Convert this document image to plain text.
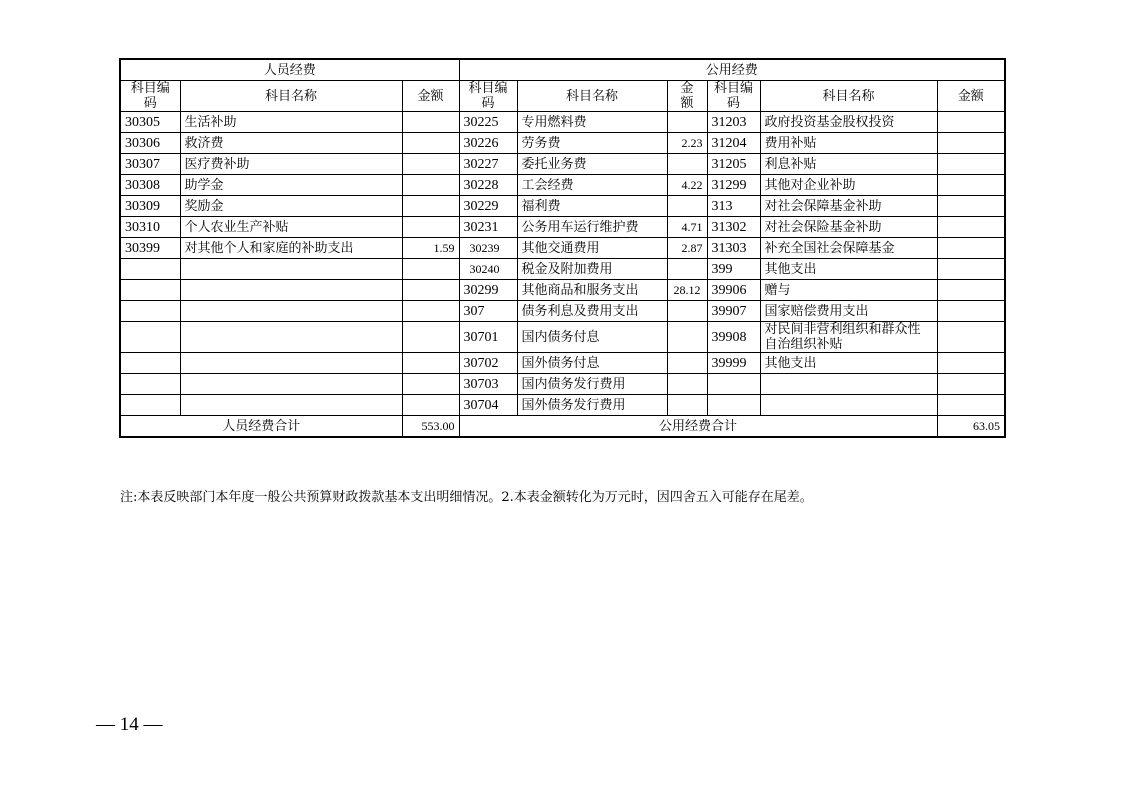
人员经费			公用经费					
科目编码	科目名称	金额	科目编码	科目名称	金额	科目编码	科目名称	金额
30305	生活补助		30225	专用燃料费		31203	政府投资基金股权投资	
30306	救济费		30226	劳务费	2.23	31204	费用补贴	
30307	医疗费补助		30227	委托业务费		31205	利息补贴	
30308	助学金		30228	工会经费	4.22	31299	其他对企业补助	
30309	奖励金		30229	福利费		313	对社会保障基金补助	
30310	个人农业生产补贴		30231	公务用车运行维护费	4.71	31302	对社会保险基金补助	
30399	对其他个人和家庭的补助支出	1.59	30239	其他交通费用	2.87	31303	补充全国社会保障基金	
			30240	税金及附加费用		399	其他支出	
			30299	其他商品和服务支出	28.12	39906	赠与	
			307	债务利息及费用支出		39907	国家赔偿费用支出	
			30701	国内债务付息		39908	对民间非营利组织和群众性自治组织补贴	
			30702	国外债务付息		39999	其他支出	
			30703	国内债务发行费用				
			30704	国外债务发行费用				
人员经费合计		553.00	公用经费合计					63.05
注:本表反映部门本年度一般公共预算财政拨款基本支出明细情况。2.本表金额转化为万元时，因四舍五入可能存在尾差。
— 14 —
